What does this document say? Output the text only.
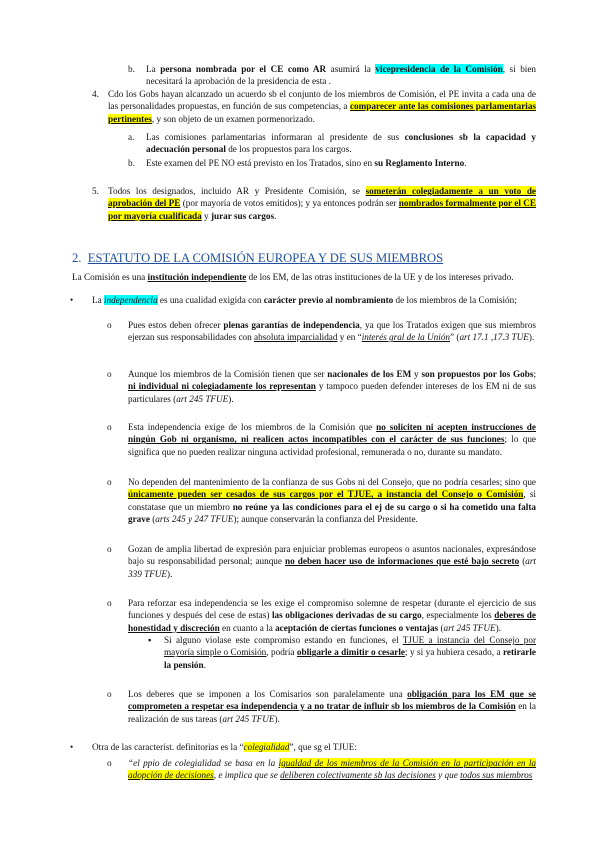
b. La persona nombrada por el CE como AR asumirá la vicepresidencia de la Comisión, si bien necesitará la aprobación de la presidencia de esta .
4. Cdo los Gobs hayan alcanzado un acuerdo sb el conjunto de los miembros de Comisión, el PE invita a cada una de las personalidades propuestas, en función de sus competencias, a comparecer ante las comisiones parlamentarias pertinentes, y son objeto de un examen pormenorizado.
a. Las comisiones parlamentarias informaran al presidente de sus conclusiones sb la capacidad y adecuación personal de los propuestos para los cargos.
b. Este examen del PE NO está previsto en los Tratados, sino en su Reglamento Interno.
5. Todos los designados, incluido AR y Presidente Comisión, se someterán colegiadamente a un voto de aprobación del PE (por mayoría de votos emitidos); y ya entonces podrán ser nombrados formalmente por el CE por mayoría cualificada y jurar sus cargos.
2. ESTATUTO DE LA COMISIÓN EUROPEA Y DE SUS MIEMBROS
La Comisión es una institución independiente de los EM, de las otras instituciones de la UE y de los intereses privado.
• La independencia es una cualidad exigida con carácter previo al nombramiento de los miembros de la Comisión;
o Pues estos deben ofrecer plenas garantías de independencia, ya que los Tratados exigen que sus miembros ejerzan sus responsabilidades con absoluta imparcialidad y en “interés gral de la Unión” (art 17.1 ,17.3 TUE).
o Aunque los miembros de la Comisión tienen que ser nacionales de los EM y son propuestos por los Gobs; ni individual ni colegiadamente los representan y tampoco pueden defender intereses de los EM ni de sus particulares (art 245 TFUE).
o Esta independencia exige de los miembros de la Comisión que no soliciten ni acepten instrucciones de ningún Gob ni organismo, ni realicen actos incompatibles con el carácter de sus funciones; lo que significa que no pueden realizar ninguna actividad profesional, remunerada o no, durante su mandato.
o No dependen del mantenimiento de la confianza de sus Gobs ni del Consejo, que no podría cesarles; sino que únicamente pueden ser cesados de sus cargos por el TJUE, a instancia del Consejo o Comisión, si constatase que un miembro no reúne ya las condiciones para el ej de su cargo o si ha cometido una falta grave (arts 245 y 247 TFUE); aunque conservarán la confianza del Presidente.
o Gozan de amplia libertad de expresión para enjuiciar problemas europeos o asuntos nacionales, expresándose bajo su responsabilidad personal; aunque no deben hacer uso de informaciones que esté bajo secreto (art 339 TFUE).
o Para reforzar esa independencia se les exige el compromiso solemne de respetar (durante el ejercicio de sus funciones y después del cese de estas) las obligaciones derivadas de su cargo, especialmente los deberes de honestidad y discreción en cuanto a la aceptación de ciertas funciones o ventajas (art 245 TFUE).
▪ Si alguno violase este compromiso estando en funciones, el TJUE a instancia del Consejo por mayoría simple o Comisión, podría obligarle a dimitir o cesarle; y si ya hubiera cesado, a retirarle la pensión.
o Los deberes que se imponen a los Comisarios son paralelamente una obligación para los EM que se comprometen a respetar esa independencia y a no tratar de influir sb los miembros de la Comisión en la realización de sus tareas (art 245 TFUE).
• Otra de las característ. definitorias es la “colegialidad”, que sg el TJUE:
o “el ppio de colegialidad se basa en la igualdad de los miembros de la Comisión en la participación en la adopción de decisiones, e implica que se deliberen colectivamente sb las decisiones y que todos sus miembros
